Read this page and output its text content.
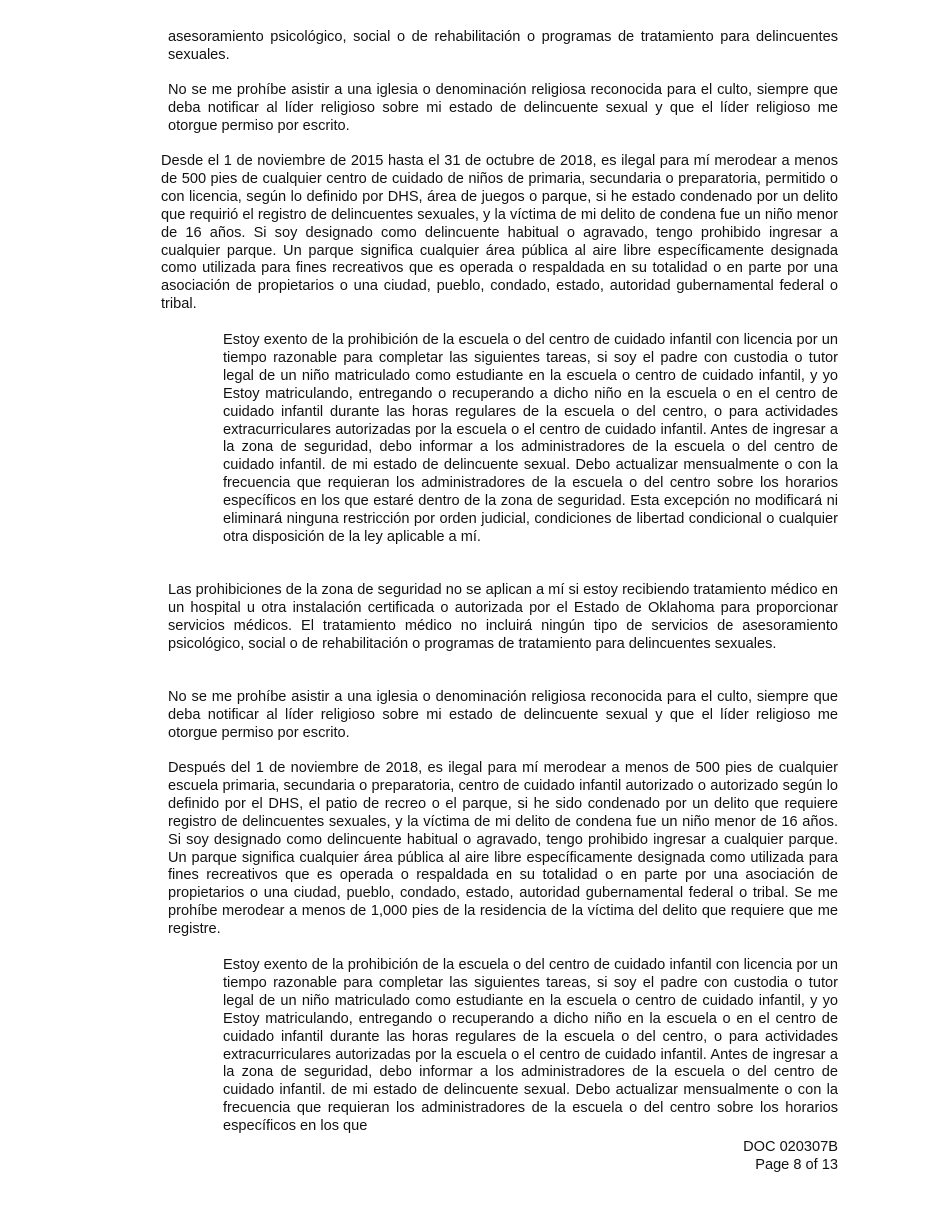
asesoramiento psicológico, social o de rehabilitación o programas de tratamiento para delincuentes sexuales.

No se me prohíbe asistir a una iglesia o denominación religiosa reconocida para el culto, siempre que deba notificar al líder religioso sobre mi estado de delincuente sexual y que el líder religioso me otorgue permiso por escrito.

Desde el 1 de noviembre de 2015 hasta el 31 de octubre de 2018, es ilegal para mí merodear a menos de 500 pies de cualquier centro de cuidado de niños de primaria, secundaria o preparatoria, permitido o con licencia, según lo definido por DHS, área de juegos o parque, si he estado condenado por un delito que requirió el registro de delincuentes sexuales, y la víctima de mi delito de condena fue un niño menor de 16 años. Si soy designado como delincuente habitual o agravado, tengo prohibido ingresar a cualquier parque. Un parque significa cualquier área pública al aire libre específicamente designada como utilizada para fines recreativos que es operada o respaldada en su totalidad o en parte por una asociación de propietarios o una ciudad, pueblo, condado, estado, autoridad gubernamental federal o tribal.

Estoy exento de la prohibición de la escuela o del centro de cuidado infantil con licencia por un tiempo razonable para completar las siguientes tareas, si soy el padre con custodia o tutor legal de un niño matriculado como estudiante en la escuela o centro de cuidado infantil, y yo Estoy matriculando, entregando o recuperando a dicho niño en la escuela o en el centro de cuidado infantil durante las horas regulares de la escuela o del centro, o para actividades extracurriculares autorizadas por la escuela o el centro de cuidado infantil. Antes de ingresar a la zona de seguridad, debo informar a los administradores de la escuela o del centro de cuidado infantil. de mi estado de delincuente sexual. Debo actualizar mensualmente o con la frecuencia que requieran los administradores de la escuela o del centro sobre los horarios específicos en los que estaré dentro de la zona de seguridad. Esta excepción no modificará ni eliminará ninguna restricción por orden judicial, condiciones de libertad condicional o cualquier otra disposición de la ley aplicable a mí.

Las prohibiciones de la zona de seguridad no se aplican a mí si estoy recibiendo tratamiento médico en un hospital u otra instalación certificada o autorizada por el Estado de Oklahoma para proporcionar servicios médicos. El tratamiento médico no incluirá ningún tipo de servicios de asesoramiento psicológico, social o de rehabilitación o programas de tratamiento para delincuentes sexuales.

No se me prohíbe asistir a una iglesia o denominación religiosa reconocida para el culto, siempre que deba notificar al líder religioso sobre mi estado de delincuente sexual y que el líder religioso me otorgue permiso por escrito.

Después del 1 de noviembre de 2018, es ilegal para mí merodear a menos de 500 pies de cualquier escuela primaria, secundaria o preparatoria, centro de cuidado infantil autorizado o autorizado según lo definido por el DHS, el patio de recreo o el parque, si he sido condenado por un delito que requiere registro de delincuentes sexuales, y la víctima de mi delito de condena fue un niño menor de 16 años. Si soy designado como delincuente habitual o agravado, tengo prohibido ingresar a cualquier parque. Un parque significa cualquier área pública al aire libre específicamente designada como utilizada para fines recreativos que es operada o respaldada en su totalidad o en parte por una asociación de propietarios o una ciudad, pueblo, condado, estado, autoridad gubernamental federal o tribal. Se me prohíbe merodear a menos de 1,000 pies de la residencia de la víctima del delito que requiere que me registre.

Estoy exento de la prohibición de la escuela o del centro de cuidado infantil con licencia por un tiempo razonable para completar las siguientes tareas, si soy el padre con custodia o tutor legal de un niño matriculado como estudiante en la escuela o centro de cuidado infantil, y yo Estoy matriculando, entregando o recuperando a dicho niño en la escuela o en el centro de cuidado infantil durante las horas regulares de la escuela o del centro, o para actividades extracurriculares autorizadas por la escuela o el centro de cuidado infantil. Antes de ingresar a la zona de seguridad, debo informar a los administradores de la escuela o del centro de cuidado infantil. de mi estado de delincuente sexual. Debo actualizar mensualmente o con la frecuencia que requieran los administradores de la escuela o del centro sobre los horarios específicos en los que

DOC 020307B
Page 8 of 13
